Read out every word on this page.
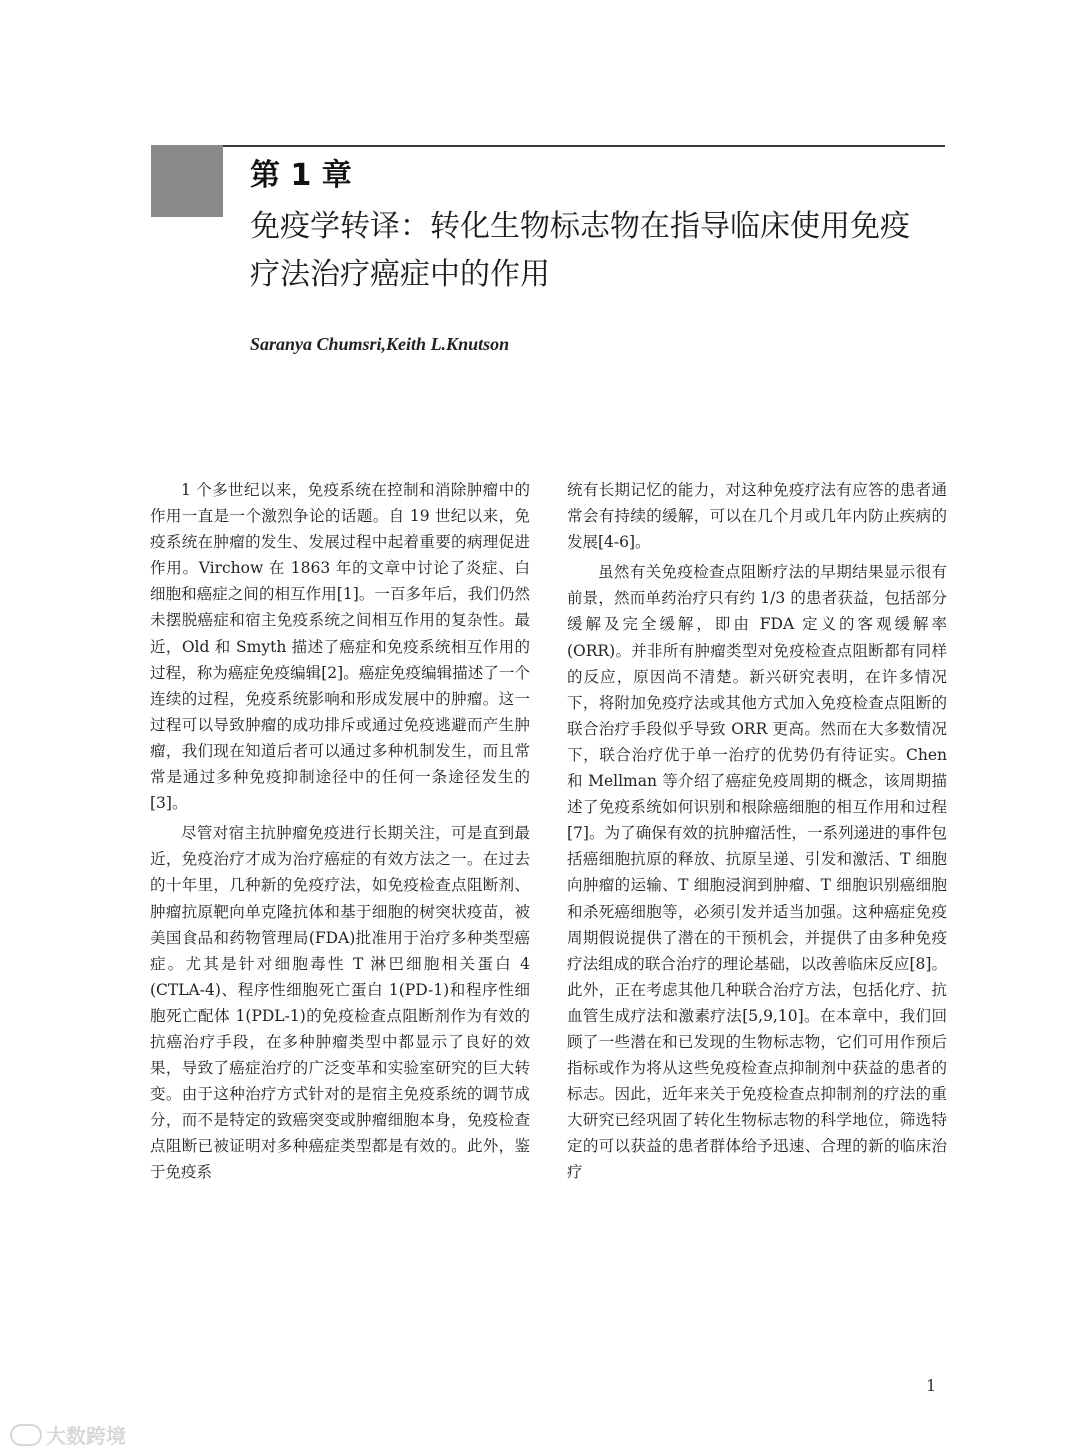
第 1 章
免疫学转译：转化生物标志物在指导临床使用免疫
疗法治疗癌症中的作用
Saranya Chumsri,Keith L.Knutson

1 个多世纪以来，免疫系统在控制和消除肿瘤中的作用一直是一个激烈争论的话题。自 19 世纪以来，免疫系统在肿瘤的发生、发展过程中起着重要的病理促进作用。Virchow 在 1863 年的文章中讨论了炎症、白细胞和癌症之间的相互作用[1]。一百多年后，我们仍然未摆脱癌症和宿主免疫系统之间相互作用的复杂性。最近，Old 和 Smyth 描述了癌症和免疫系统相互作用的过程，称为癌症免疫编辑[2]。癌症免疫编辑描述了一个连续的过程，免疫系统影响和形成发展中的肿瘤。这一过程可以导致肿瘤的成功排斥或通过免疫逃避而产生肿瘤，我们现在知道后者可以通过多种机制发生，而且常常是通过多种免疫抑制途径中的任何一条途径发生的[3]。

尽管对宿主抗肿瘤免疫进行长期关注，可是直到最近，免疫治疗才成为治疗癌症的有效方法之一。在过去的十年里，几种新的免疫疗法，如免疫检查点阻断剂、肿瘤抗原靶向单克隆抗体和基于细胞的树突状疫苗，被美国食品和药物管理局(FDA)批准用于治疗多种类型癌症。尤其是针对细胞毒性 T 淋巴细胞相关蛋白 4 (CTLA-4)、程序性细胞死亡蛋白 1(PD-1)和程序性细胞死亡配体 1(PDL-1)的免疫检查点阻断剂作为有效的抗癌治疗手段，在多种肿瘤类型中都显示了良好的效果，导致了癌症治疗的广泛变革和实验室研究的巨大转变。由于这种治疗方式针对的是宿主免疫系统的调节成分，而不是特定的致癌突变或肿瘤细胞本身，免疫检查点阻断已被证明对多种癌症类型都是有效的。此外，鉴于免疫系

统有长期记忆的能力，对这种免疫疗法有应答的患者通常会有持续的缓解，可以在几个月或几年内防止疾病的发展[4-6]。

虽然有关免疫检查点阻断疗法的早期结果显示很有前景，然而单药治疗只有约 1/3 的患者获益，包括部分缓解及完全缓解，即由 FDA 定义的客观缓解率(ORR)。并非所有肿瘤类型对免疫检查点阻断都有同样的反应，原因尚不清楚。新兴研究表明，在许多情况下，将附加免疫疗法或其他方式加入免疫检查点阻断的联合治疗手段似乎导致 ORR 更高。然而在大多数情况下，联合治疗优于单一治疗的优势仍有待证实。Chen 和 Mellman 等介绍了癌症免疫周期的概念，该周期描述了免疫系统如何识别和根除癌细胞的相互作用和过程[7]。为了确保有效的抗肿瘤活性，一系列递进的事件包括癌细胞抗原的释放、抗原呈递、引发和激活、T 细胞向肿瘤的运输、T 细胞浸润到肿瘤、T 细胞识别癌细胞和杀死癌细胞等，必须引发并适当加强。这种癌症免疫周期假说提供了潜在的干预机会，并提供了由多种免疫疗法组成的联合治疗的理论基础，以改善临床反应[8]。此外，正在考虑其他几种联合治疗方法，包括化疗、抗血管生成疗法和激素疗法[5,9,10]。在本章中，我们回顾了一些潜在和已发现的生物标志物，它们可用作预后指标或作为将从这些免疫检查点抑制剂中获益的患者的标志。因此，近年来关于免疫检查点抑制剂的疗法的重大研究已经巩固了转化生物标志物的科学地位，筛选特定的可以获益的患者群体给予迅速、合理的新的临床治疗

1
大数跨境
